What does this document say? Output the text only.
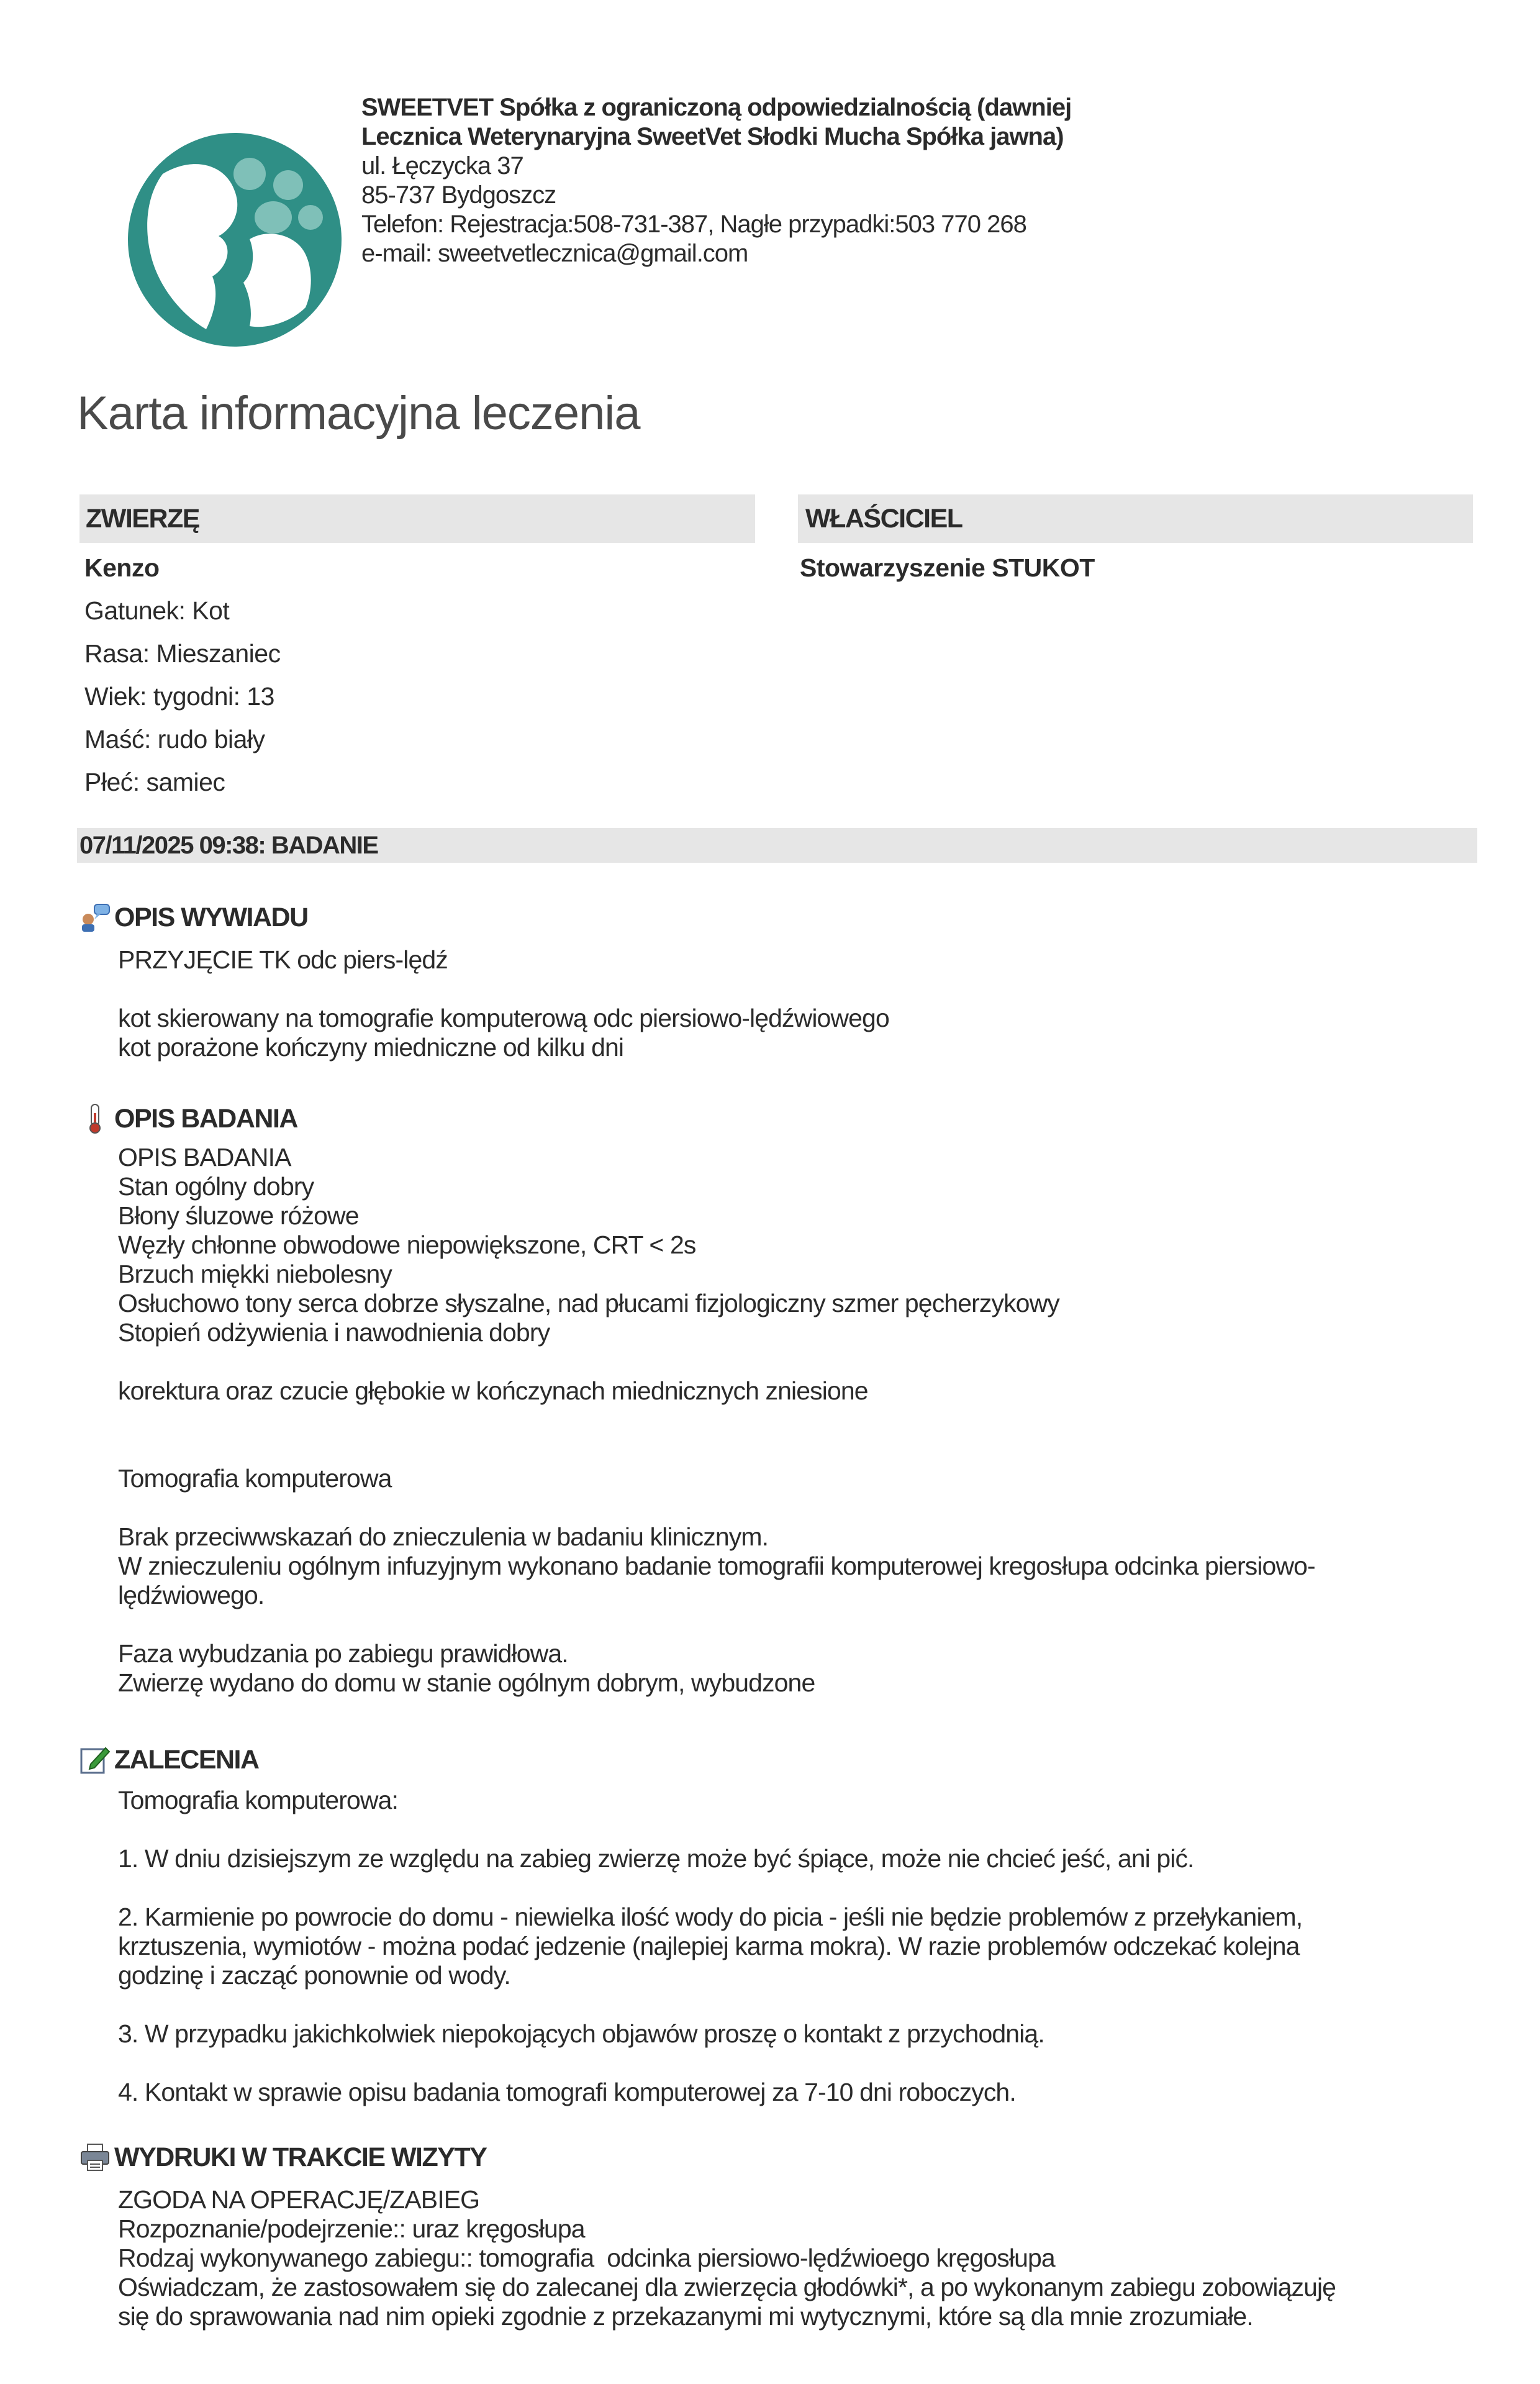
SWEETVET Spółka z ograniczoną odpowiedzialnością (dawniej
Lecznica Weterynaryjna SweetVet Słodki Mucha Spółka jawna)
ul. Łęczycka 37
85-737 Bydgoszcz
Telefon: Rejestracja:508-731-387, Nagłe przypadki:503 770 268
e-mail: sweetvetlecznica@gmail.com
Karta informacyjna leczenia
ZWIERZĘ	WŁAŚCICIEL
Kenzo
Gatunek: Kot
Rasa: Mieszaniec
Wiek: tygodni: 13
Maść: rudo biały
Płeć: samiec
Stowarzyszenie STUKOT
07/11/2025 09:38: BADANIE
OPIS WYWIADU

PRZYJĘCIE TK odc piers-lędź

kot skierowany na tomografie komputerową odc piersiowo-lędźwiowego

kot porażone kończyny miedniczne od kilku dni

OPIS BADANIA

OPIS BADANIA

Stan ogólny dobry

Błony śluzowe różowe

Węzły chłonne obwodowe niepowiększone, CRT < 2s

Brzuch miękki niebolesny

Osłuchowo tony serca dobrze słyszalne, nad płucami fizjologiczny szmer pęcherzykowy

Stopień odżywienia i nawodnienia dobry

korektura oraz czucie głębokie w kończynach miednicznych zniesione

Tomografia komputerowa

Brak przeciwwskazań do znieczulenia w badaniu klinicznym.

W znieczuleniu ogólnym infuzyjnym wykonano badanie tomografii komputerowej kregosłupa odcinka piersiowo-

lędźwiowego.

Faza wybudzania po zabiegu prawidłowa.

Zwierzę wydano do domu w stanie ogólnym dobrym, wybudzone

ZALECENIA

Tomografia komputerowa:

1. W dniu dzisiejszym ze względu na zabieg zwierzę może być śpiące, może nie chcieć jeść, ani pić.

2. Karmienie po powrocie do domu - niewielka ilość wody do picia - jeśli nie będzie problemów z przełykaniem,

krztuszenia, wymiotów - można podać jedzenie (najlepiej karma mokra). W razie problemów odczekać kolejna

godzinę i zacząć ponownie od wody.

3. W przypadku jakichkolwiek niepokojących objawów proszę o kontakt z przychodnią.

4. Kontakt w sprawie opisu badania tomografi komputerowej za 7-10 dni roboczych.

WYDRUKI W TRAKCIE WIZYTY

ZGODA NA OPERACJĘ/ZABIEG

Rozpoznanie/podejrzenie:: uraz kręgosłupa

Rodzaj wykonywanego zabiegu:: tomografia  odcinka piersiowo-lędźwioego kręgosłupa

Oświadczam, że zastosowałem się do zalecanej dla zwierzęcia głodówki*, a po wykonanym zabiegu zobowiązuję

się do sprawowania nad nim opieki zgodnie z przekazanymi mi wytycznymi, które są dla mnie zrozumiałe.
